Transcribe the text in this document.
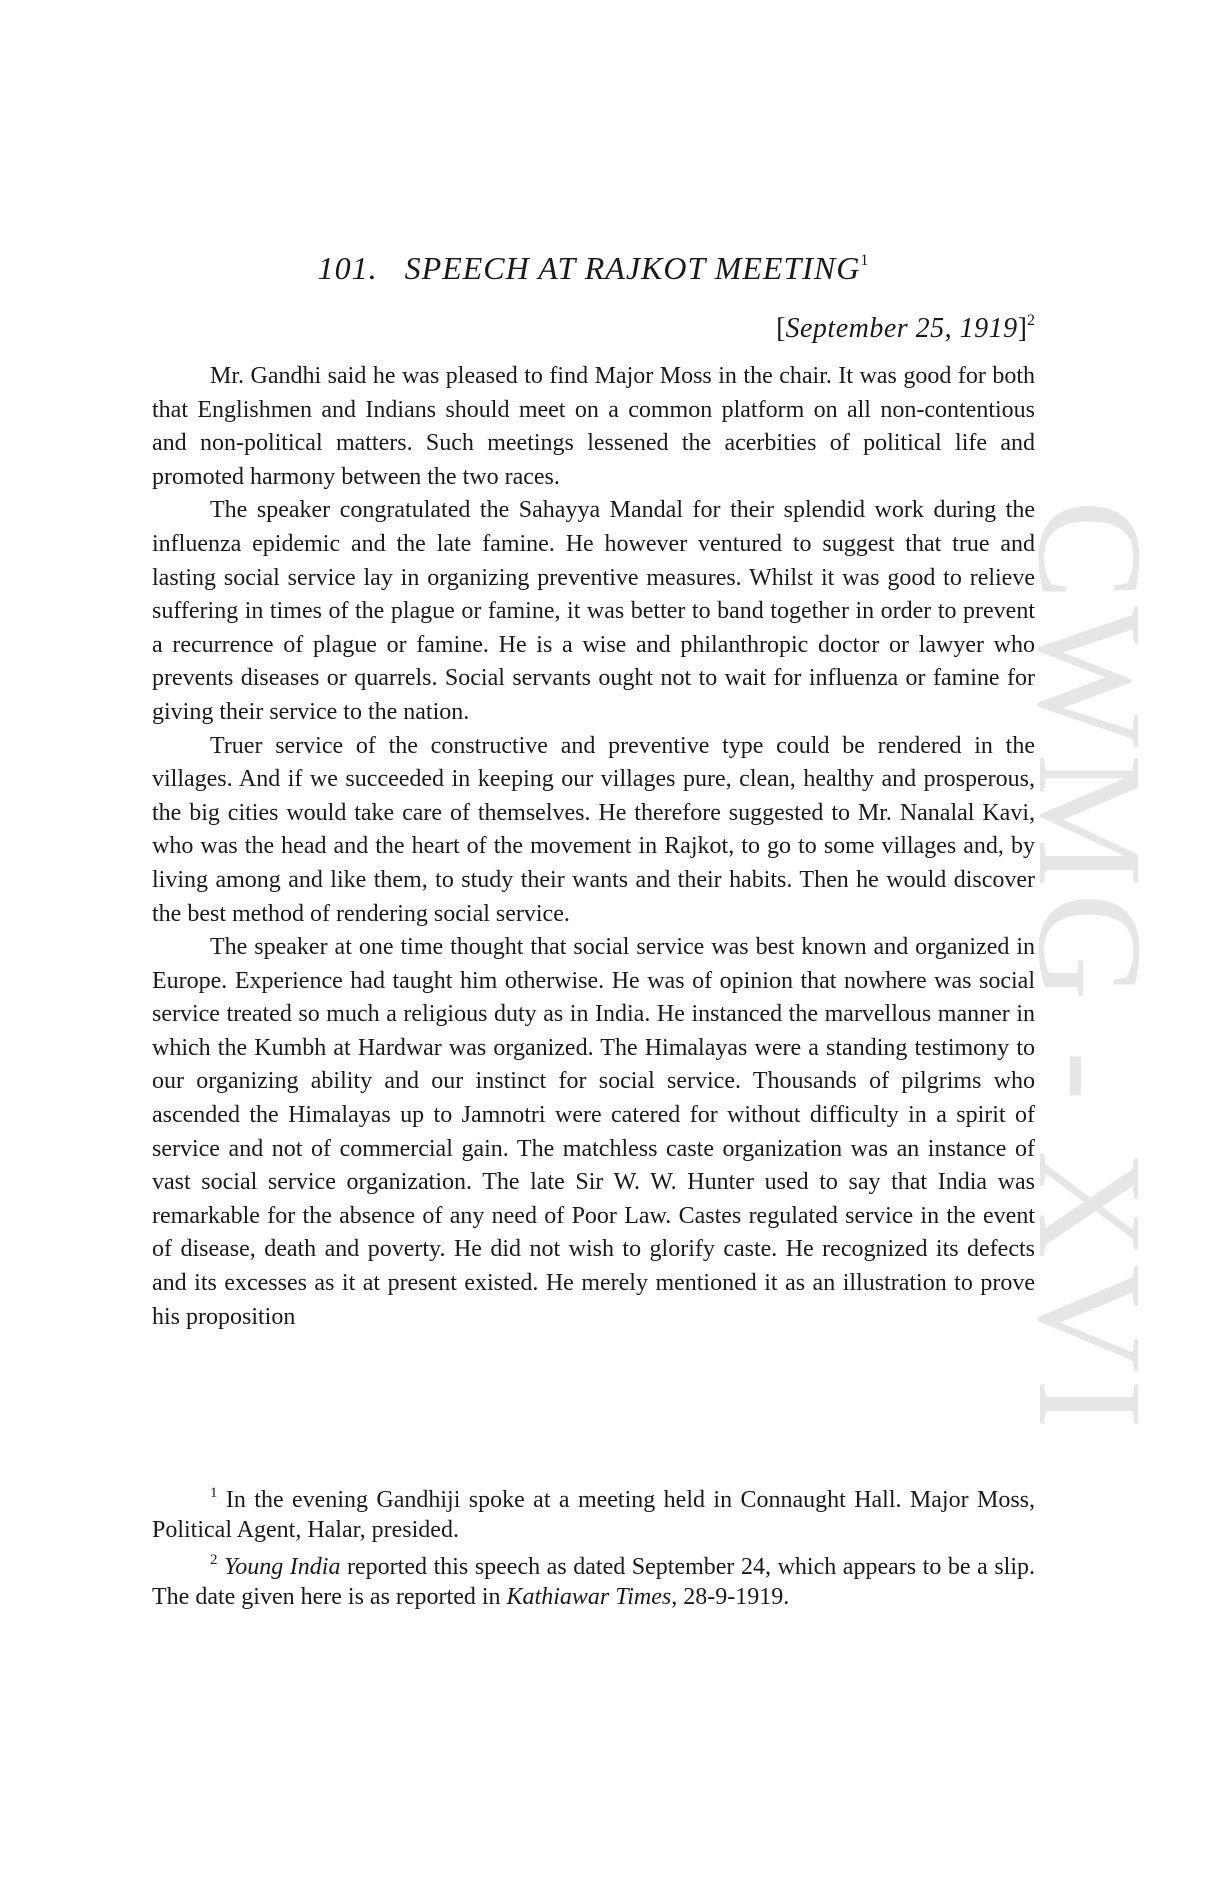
CWMG - XVI
101. SPEECH AT RAJKOT MEETING$^1$
[September 25, 1919]$^2$

Mr. Gandhi said he was pleased to find Major Moss in the chair. It was good for both that Englishmen and Indians should meet on a common platform on all non-contentious and non-political matters. Such meetings lessened the acerbities of political life and promoted harmony between the two races.

The speaker congratulated the Sahayya Mandal for their splendid work during the influenza epidemic and the late famine. He however ventured to suggest that true and lasting social service lay in organizing preventive measures. Whilst it was good to relieve suffering in times of the plague or famine, it was better to band together in order to prevent a recurrence of plague or famine. He is a wise and philanthropic doctor or lawyer who prevents diseases or quarrels. Social servants ought not to wait for influenza or famine for giving their service to the nation.

Truer service of the constructive and preventive type could be rendered in the villages. And if we succeeded in keeping our villages pure, clean, healthy and prosperous, the big cities would take care of themselves. He therefore suggested to Mr. Nanalal Kavi, who was the head and the heart of the movement in Rajkot, to go to some villages and, by living among and like them, to study their wants and their habits. Then he would discover the best method of rendering social service.

The speaker at one time thought that social service was best known and organized in Europe. Experience had taught him otherwise. He was of opinion that nowhere was social service treated so much a religious duty as in India. He instanced the marvellous manner in which the Kumbh at Hardwar was organized. The Himalayas were a standing testimony to our organizing ability and our instinct for social service. Thousands of pilgrims who ascended the Himalayas up to Jamnotri were catered for without difficulty in a spirit of service and not of commercial gain. The matchless caste organization was an instance of vast social service organization. The late Sir W. W. Hunter used to say that India was remarkable for the absence of any need of Poor Law. Castes regulated service in the event of disease, death and poverty. He did not wish to glorify caste. He recognized its defects and its excesses as it at present existed. He merely mentioned it as an illustration to prove his proposition

$^1$ In the evening Gandhiji spoke at a meeting held in Connaught Hall. Major Moss, Political Agent, Halar, presided.

$^2$ Young India reported this speech as dated September 24, which appears to be a slip. The date given here is as reported in Kathiawar Times, 28-9-1919.
